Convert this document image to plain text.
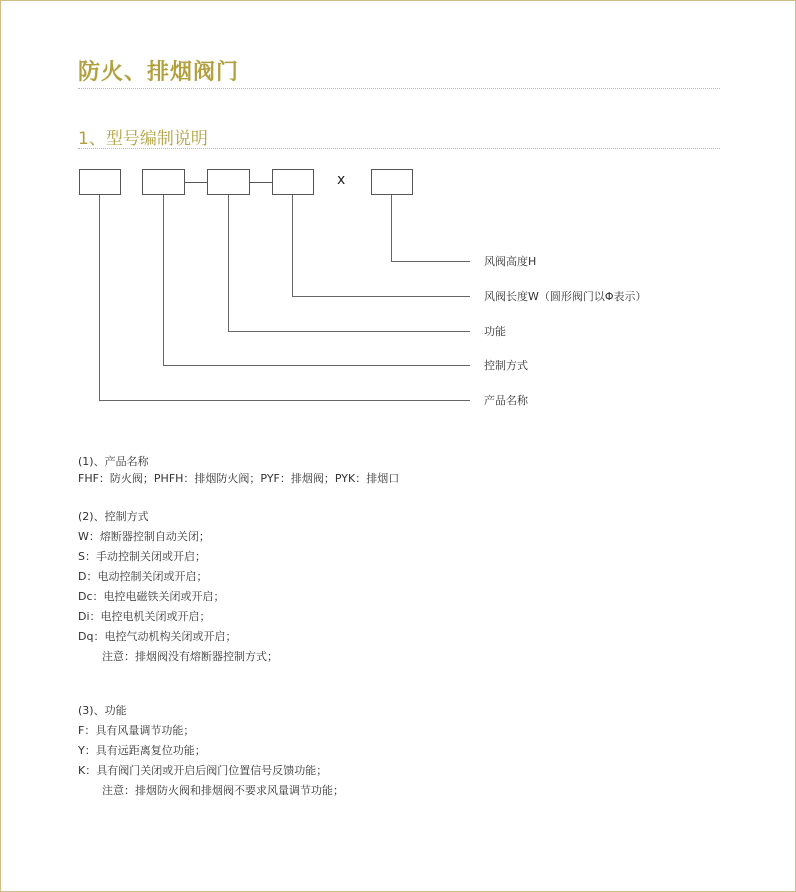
防火、排烟阀门
1、型号编制说明
x
风阀高度H
风阀长度W（圆形阀门以Φ表示）
功能
控制方式
产品名称
(1)、产品名称
FHF：防火阀；PHFH：排烟防火阀；PYF：排烟阀；PYK：排烟口
(2)、控制方式
W：熔断器控制自动关闭；
S：手动控制关闭或开启；
D：电动控制关闭或开启；
Dc：电控电磁铁关闭或开启；
Di：电控电机关闭或开启；
Dq：电控气动机构关闭或开启；
注意：排烟阀没有熔断器控制方式；
(3)、功能
F：具有风量调节功能；
Y：具有远距离复位功能；
K：具有阀门关闭或开启后阀门位置信号反馈功能；
注意：排烟防火阀和排烟阀不要求风量调节功能；
